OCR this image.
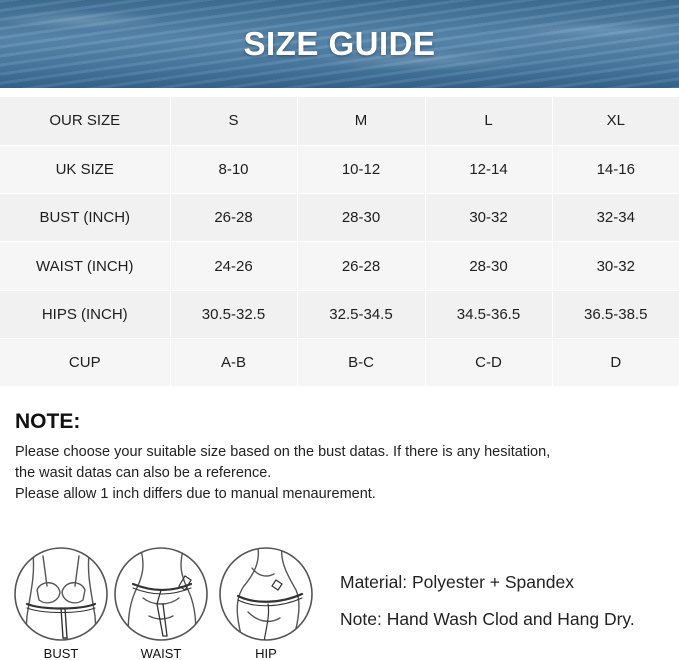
SIZE GUIDE
OUR SIZE	S	M	L	XL
UK SIZE	8-10	10-12	12-14	14-16
BUST (INCH)	26-28	28-30	30-32	32-34
WAIST (INCH)	24-26	26-28	28-30	30-32
HIPS (INCH)	30.5-32.5	32.5-34.5	34.5-36.5	36.5-38.5
CUP	A-B	B-C	C-D	D
NOTE:
Please choose your suitable size based on the bust datas. If there is any hesitation,
the wasit datas can also be a reference.
Please allow 1 inch differs due to manual menaurement.
BUST	WAIST	HIP
Material: Polyester + Spandex
Note: Hand Wash Clod and Hang Dry.
